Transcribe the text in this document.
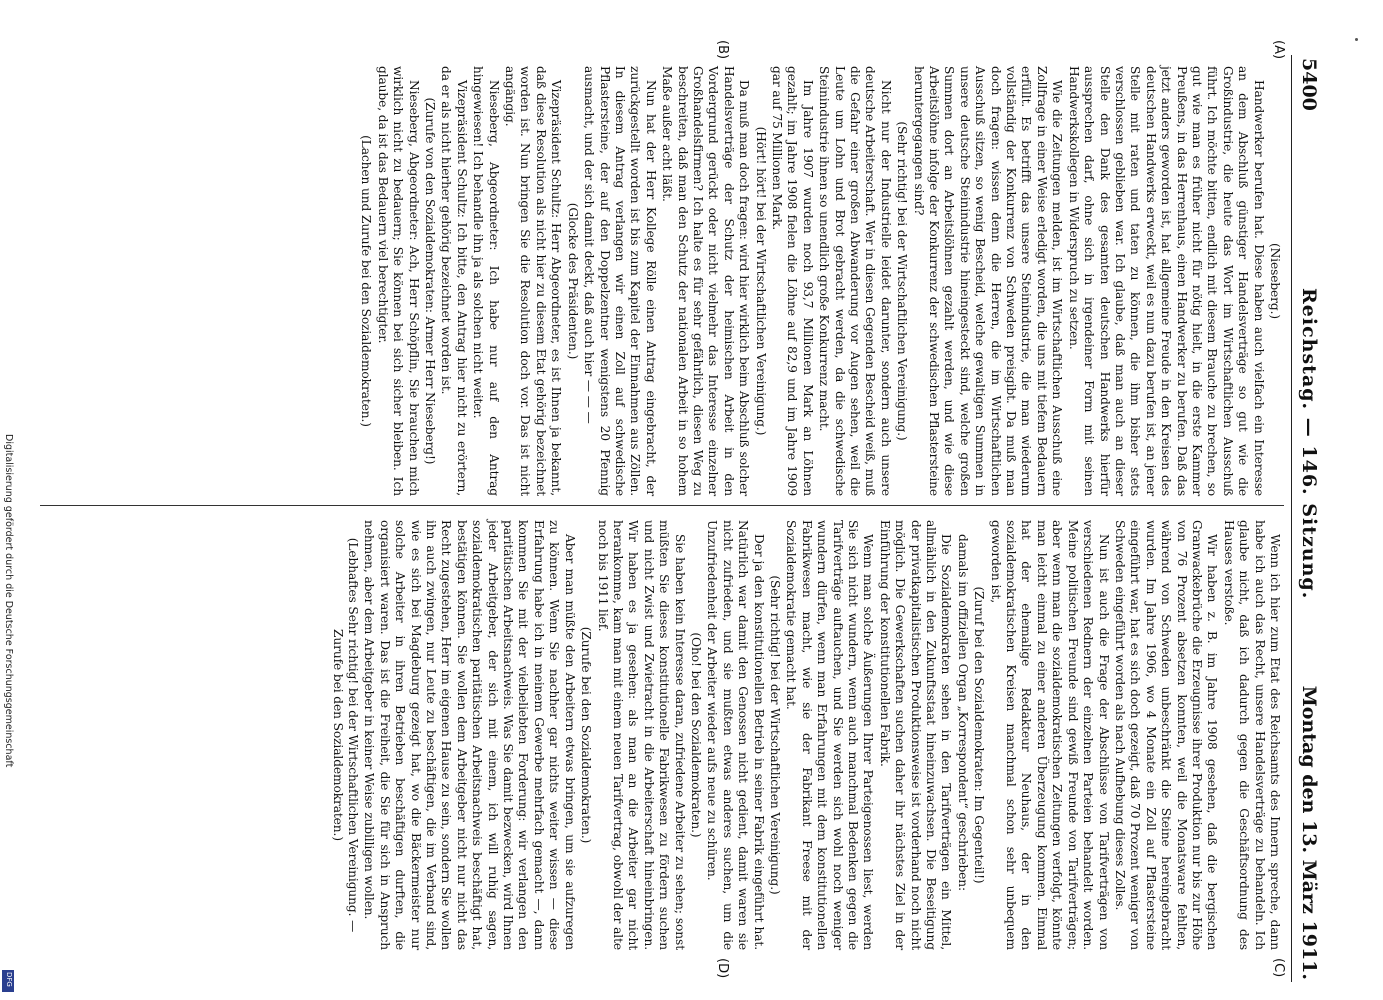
5400
Reichstag. — 146. Sitzung.
Montag den 13. März 1911.
(A)
(B)
(C)
(D)

(Nieseberg.)

Handwerker berufen hat. Diese haben auch vielfach ein Interesse an dem Abschluß günstiger Handelsverträge so gut wie die Großindustrie, die heute das Wort im Wirtschaftlichen Ausschuß führt. Ich möchte bitten, endlich mit diesem Brauche zu brechen, so gut wie man es früher nicht für nötig hielt, in die erste Kammer Preußens, in das Herrenhaus, einen Handwerker zu berufen. Daß das jetzt anders geworden ist, hat allgemeine Freude in den Kreisen des deutschen Handwerks erweckt, weil es nun dazu berufen ist, an jener Stelle mit raten und taten zu können, die ihm bisher stets verschlossen geblieben war. Ich glaube, daß man auch an dieser Stelle den Dank des gesamten deutschen Handwerks hierfür aussprechen darf, ohne sich in irgendeiner Form mit seinen Handwerkskollegen in Widerspruch zu setzen.

Wie die Zeitungen melden, ist im Wirtschaftlichen Ausschuß eine Zollfrage in einer Weise erledigt worden, die uns mit tiefem Bedauern erfüllt. Es betrifft das unsere Steinindustrie, die man wiederum vollständig der Konkurrenz von Schweden preisgibt. Da muß man doch fragen: wissen denn die Herren, die im Wirtschaftlichen Ausschuß sitzen, so wenig Bescheid, welche gewaltigen Summen in unsere deutsche Steinindustrie hineingesteckt sind, welche großen Summen dort an Arbeitslöhnen gezahlt werden, und wie diese Arbeitslöhne infolge der Konkurrenz der schwedischen Pflastersteine heruntergegangen sind?

(Sehr richtig! bei der Wirtschaftlichen Vereinigung.)

Nicht nur der Industrielle leidet darunter, sondern auch unsere deutsche Arbeiterschaft. Wer in diesen Gegenden Bescheid weiß, muß die Gefahr einer großen Abwanderung vor Augen sehen, weil die Leute um Lohn und Brot gebracht werden, da die schwedische Steinindustrie ihnen so unendlich große Konkurrenz macht.

Im Jahre 1907 wurden noch 93,7 Millionen Mark an Löhnen gezahlt; im Jahre 1908 fielen die Löhne auf 82,9 und im Jahre 1909 gar auf 75 Millionen Mark.

(Hört! hört! bei der Wirtschaftlichen Vereinigung.)

Da muß man doch fragen: wird hier wirklich beim Abschluß solcher Handelsverträge der Schutz der heimischen Arbeit in den Vordergrund gerückt oder nicht vielmehr das Interesse einzelner Großhandelsfirmen? Ich halte es für sehr gefährlich, diesen Weg zu beschreiten, daß man den Schutz der nationalen Arbeit in so hohem Maße außer acht läßt.

Nun hat der Herr Kollege Rölle einen Antrag eingebracht, der zurückgestellt worden ist bis zum Kapitel der Einnahmen aus Zöllen. In diesem Antrag verlangen wir einen Zoll auf schwedische Pflastersteine, der auf den Doppelzentner wenigstens 20 Pfennig ausmacht, und der sich damit deckt, daß auch hier — — —

(Glocke des Präsidenten.)

Vizepräsident Schultz: Herr Abgeordneter, es ist Ihnen ja bekannt, daß diese Resolution als nicht hier zu diesem Etat gehörig bezeichnet worden ist. Nun bringen Sie die Resolution doch vor. Das ist nicht angängig.

Nieseberg, Abgeordneter: Ich habe nur auf den Antrag hingewiesen! Ich behandle ihn ja als solchen nicht weiter.

Vizepräsident Schultz: Ich bitte, den Antrag hier nicht zu erörtern, da er als nicht hierher gehörig bezeichnet worden ist.

(Zurufe von den Sozialdemokraten: Armer Herr Nieseberg!)

Nieseberg, Abgeordneter: Ach, Herr Schöpflin, Sie brauchen mich wirklich nicht zu bedauern; Sie können bei sich sicher bleiben. Ich glaube, da ist das Bedauern viel berechtigter.

(Lachen und Zurufe bei den Sozialdemokraten.)

Wenn ich hier zum Etat des Reichsamts des Innern spreche, dann habe ich auch das Recht, unsere Handelsverträge zu behandeln. Ich glaube nicht, daß ich dadurch gegen die Geschäftsordnung des Hauses verstoße.

Wir haben z. B. im Jahre 1908 gesehen, daß die bergischen Granwackebrüche die Erzeugnisse ihrer Produktion nur bis zur Höhe von 76 Prozent absetzen konnten, weil die Monatsware fehlten, während von Schweden unbeschränkt die Steine hereingebracht wurden. Im Jahre 1906, wo 4 Monate ein Zoll auf Pflastersteine eingeführt war, hat es sich doch gezeigt, daß 70 Prozent weniger von Schweden eingeführt worden als nach Aufhebung dieses Zolles.

Nun ist auch die Frage der Abschlüsse von Tarifverträgen von verschiedenen Rednern der einzelnen Parteien behandelt worden. Meine politischen Freunde sind gewiß Freunde von Tarifverträgen; aber wenn man die sozialdemokratischen Zeitungen verfolgt, könnte man leicht einmal zu einer anderen Überzeugung kommen. Einmal hat der ehemalige Redakteur Neuhaus, der in den sozialdemokratischen Kreisen manchmal schon sehr unbequem geworden ist,

(Zuruf bei den Sozialdemokraten: Im Gegenteil!)

damals im offiziellen Organ „Korrespondent“ geschrieben:

Die Sozialdemokraten sehen in den Tarifverträgen ein Mittel, allmählich in den Zukunftsstaat hineinzuwachsen. Die Beseitigung der privatkapitalistischen Produktionsweise ist vorderhand noch nicht möglich. Die Gewerkschaften suchen daher ihr nächstes Ziel in der Einführung der konstitutionellen Fabrik.

Wenn man solche Äußerungen Ihrer Parteigenossen liest, werden Sie sich nicht wundern, wenn auch manchmal Bedenken gegen die Tarifverträge auftauchen, und Sie werden sich wohl noch weniger wundern dürfen, wenn man Erfahrungen mit dem konstitutionellen Fabrikwesen macht, wie sie der Fabrikant Freese mit der Sozialdemokratie gemacht hat.

(Sehr richtig! bei der Wirtschaftlichen Vereinigung.)

Der ja den konstitutionellen Betrieb in seiner Fabrik eingeführt hat. Natürlich war damit den Genossen nicht gedient, damit waren sie nicht zufrieden, und sie mußten etwas anderes suchen, um die Unzufriedenheit der Arbeiter wieder aufs neue zu schüren.

(Oho! bei den Sozialdemokraten.)

Sie haben kein Interesse daran, zufriedene Arbeiter zu sehen; sonst müßten Sie dieses konstitutionelle Fabrikwesen zu fördern suchen und nicht Zwist und Zwietracht in die Arbeiterschaft hineinbringen. Wir haben es ja gesehen: als man an die Arbeiter gar nicht herankomme, kam man mit einem neuen Tarifvertrag, obwohl der alte noch bis 1911 lief.

(Zurufe bei den Sozialdemokraten.)

Aber man müßte den Arbeitern etwas bringen, um sie aufzuregen zu können. Wenn Sie nachher gar nichts weiter wissen — diese Erfahrung habe ich in meinem Gewerbe mehrfach gemacht —, dann kommen Sie mit der vielbeliebten Forderung: wir verlangen den paritätischen Arbeitsnachweis. Was Sie damit bezwecken, wird Ihnen jeder Arbeitgeber, der sich mit einem, ich will ruhig sagen, sozialdemokratischen paritätischen Arbeitsnachweis beschäftigt hat, bestätigen können. Sie wollen dem Arbeitgeber nicht nur nicht das Recht zugestehen, Herr im eigenen Hause zu sein, sondern Sie wollen ihn auch zwingen, nur Leute zu beschäftigen, die im Verband sind, wie es sich bei Magdeburg gezeigt hat, wo die Bäckermeister nur solche Arbeiter in ihren Betrieben beschäftigen durften, die organisiert waren. Das ist die Freiheit, die Sie für sich in Anspruch nehmen, aber dem Arbeitgeber in keiner Weise zubilligen wollen.

(Lebhaftes Sehr richtig! bei der Wirtschaftlichen Vereinigung. — Zurufe bei den Sozialdemokraten.)

Digitalisierung gefördert durch die Deutsche Forschungsgemeinschaft
DFG
